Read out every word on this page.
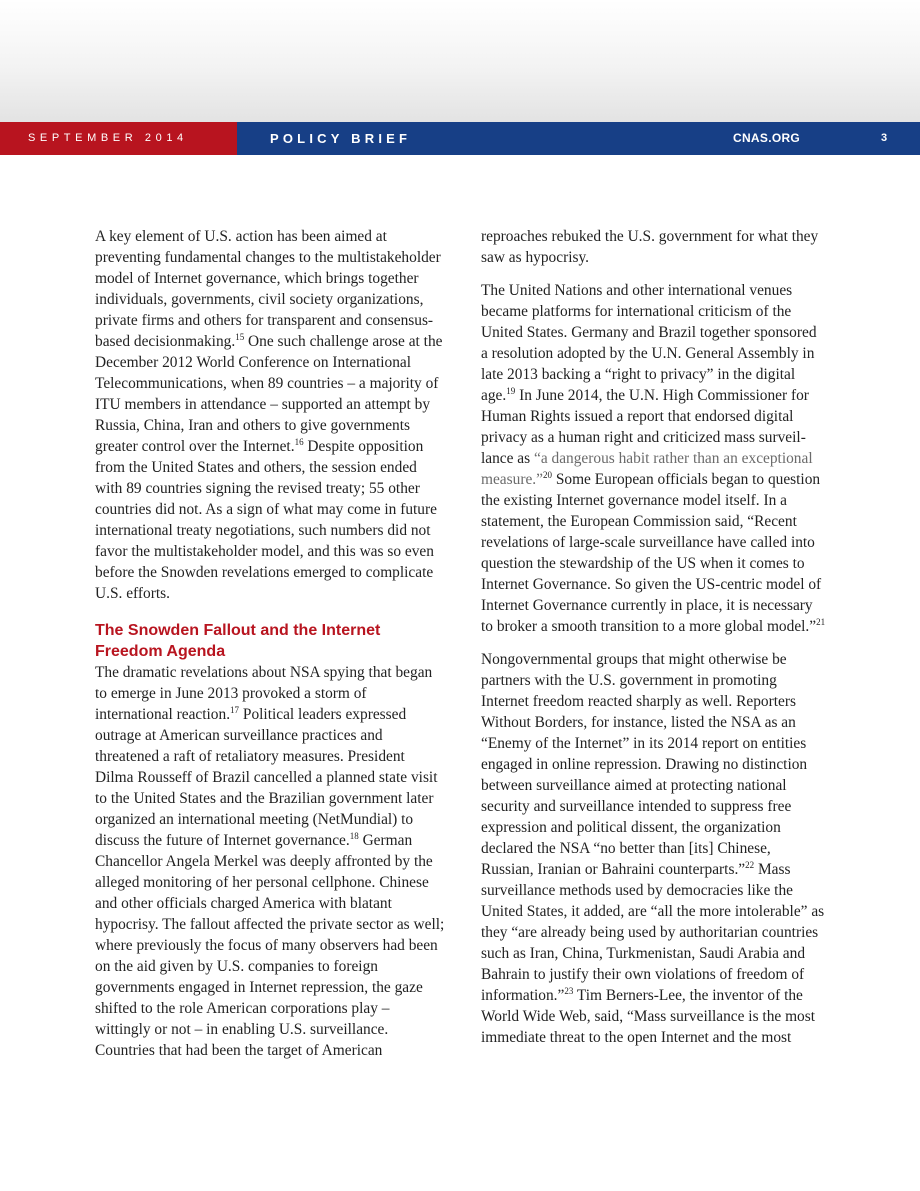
SEPTEMBER 2014	POLICY BRIEF	CNAS.ORG	3

A key element of U.S. action has been aimed at preventing fundamental changes to the multistakeholder model of Internet governance, which brings together individuals, governments, civil society organizations, private firms and others for transparent and consensus-based decisionmaking.$^{15}$ One such challenge arose at the December 2012 World Conference on International Telecommunications, when 89 countries – a majority of ITU members in attendance – supported an attempt by Russia, China, Iran and others to give governments greater control over the Internet.$^{16}$ Despite opposition from the United States and others, the session ended with 89 countries signing the revised treaty; 55 other countries did not. As a sign of what may come in future international treaty negotiations, such numbers did not favor the multistakeholder model, and this was so even before the Snowden revelations emerged to complicate U.S. efforts.

The Snowden Fallout and the Internet Freedom Agenda

The dramatic revelations about NSA spying that began to emerge in June 2013 provoked a storm of international reaction.$^{17}$ Political leaders expressed outrage at American surveillance practices and threatened a raft of retaliatory measures. President Dilma Rousseff of Brazil cancelled a planned state visit to the United States and the Brazilian government later organized an international meeting (NetMundial) to discuss the future of Internet governance.$^{18}$ German Chancellor Angela Merkel was deeply affronted by the alleged monitoring of her personal cellphone. Chinese and other officials charged America with blatant hypocrisy. The fallout affected the private sector as well; where previously the focus of many observers had been on the aid given by U.S. companies to foreign governments engaged in Internet repression, the gaze shifted to the role American corporations play – wittingly or not – in enabling U.S. surveillance. Countries that had been the target of American

reproaches rebuked the U.S. government for what they saw as hypocrisy.

The United Nations and other international venues became platforms for international criticism of the United States. Germany and Brazil together sponsored a resolution adopted by the U.N. General Assembly in late 2013 backing a “right to privacy” in the digital age.$^{19}$ In June 2014, the U.N. High Commissioner for Human Rights issued a report that endorsed digital privacy as a human right and criticized mass surveillance as “a dangerous habit rather than an exceptional measure.”$^{20}$ Some European officials began to question the existing Internet governance model itself. In a statement, the European Commission said, “Recent revelations of large-scale surveillance have called into question the stewardship of the US when it comes to Internet Governance. So given the US-centric model of Internet Governance currently in place, it is necessary to broker a smooth transition to a more global model.”$^{21}$

Nongovernmental groups that might otherwise be partners with the U.S. government in promoting Internet freedom reacted sharply as well. Reporters Without Borders, for instance, listed the NSA as an “Enemy of the Internet” in its 2014 report on entities engaged in online repression. Drawing no distinction between surveillance aimed at protecting national security and surveillance intended to suppress free expression and political dissent, the organization declared the NSA “no better than [its] Chinese, Russian, Iranian or Bahraini counterparts.”$^{22}$ Mass surveillance methods used by democracies like the United States, it added, are “all the more intolerable” as they “are already being used by authoritarian countries such as Iran, China, Turkmenistan, Saudi Arabia and Bahrain to justify their own violations of freedom of information.”$^{23}$ Tim Berners-Lee, the inventor of the World Wide Web, said, “Mass surveillance is the most immediate threat to the open Internet and the most
